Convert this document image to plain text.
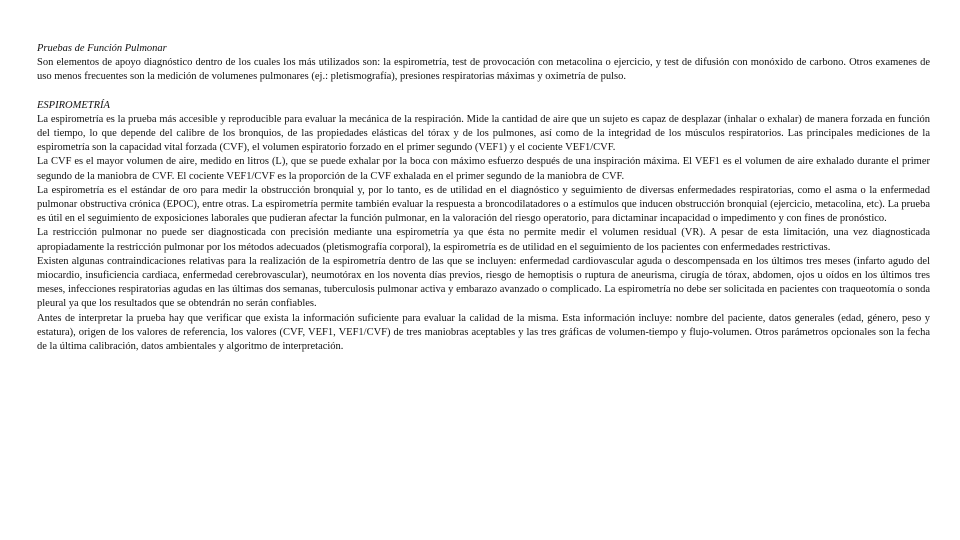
Pruebas de Función Pulmonar

Son elementos de apoyo diagnóstico dentro de los cuales los más utilizados son: la espirometría, test de provocación con metacolina o ejercicio, y test de difusión con monóxido de carbono. Otros examenes de uso menos frecuentes son la medición de volumenes pulmonares (ej.: pletismografía), presiones respiratorias máximas y oximetría de pulso.

ESPIROMETRÍA

La espirometría es la prueba más accesible y reproducible para evaluar la mecánica de la respiración. Mide la cantidad de aire que un sujeto es capaz de desplazar (inhalar o exhalar) de manera forzada en función del tiempo, lo que depende del calibre de los bronquios, de las propiedades elásticas del tórax y de los pulmones, así como de la integridad de los músculos respiratorios. Las principales mediciones de la espirometría son la capacidad vital forzada (CVF), el volumen espiratorio forzado en el primer segundo (VEF1) y el cociente VEF1/CVF.

La CVF es el mayor volumen de aire, medido en litros (L), que se puede exhalar por la boca con máximo esfuerzo después de una inspiración máxima. El VEF1 es el volumen de aire exhalado durante el primer segundo de la maniobra de CVF. El cociente VEF1/CVF es la proporción de la CVF exhalada en el primer segundo de la maniobra de CVF.

La espirometría es el estándar de oro para medir la obstrucción bronquial y, por lo tanto, es de utilidad en el diagnóstico y seguimiento de diversas enfermedades respiratorias, como el asma o la enfermedad pulmonar obstructiva crónica (EPOC), entre otras. La espirometría permite también evaluar la respuesta a broncodilatadores o a estímulos que inducen obstrucción bronquial (ejercicio, metacolina, etc). La prueba es útil en el seguimiento de exposiciones laborales que pudieran afectar la función pulmonar, en la valoración del riesgo operatorio, para dictaminar incapacidad o impedimento y con fines de pronóstico.

La restricción pulmonar no puede ser diagnosticada con precisión mediante una espirometría ya que ésta no permite medir el volumen residual (VR). A pesar de esta limitación, una vez diagnosticada apropiadamente la restricción pulmonar por los métodos adecuados (pletismografía corporal), la espirometría es de utilidad en el seguimiento de los pacientes con enfermedades restrictivas.

Existen algunas contraindicaciones relativas para la realización de la espirometría dentro de las que se incluyen: enfermedad cardiovascular aguda o descompensada en los últimos tres meses (infarto agudo del miocardio, insuficiencia cardiaca, enfermedad cerebrovascular), neumotórax en los noventa días previos, riesgo de hemoptisis o ruptura de aneurisma, cirugía de tórax, abdomen, ojos u oídos en los últimos tres meses, infecciones respiratorias agudas en las últimas dos semanas, tuberculosis pulmonar activa y embarazo avanzado o complicado. La espirometría no debe ser solicitada en pacientes con traqueotomía o sonda pleural ya que los resultados que se obtendrán no serán confiables.

Antes de interpretar la prueba hay que verificar que exista la información suficiente para evaluar la calidad de la misma. Esta información incluye: nombre del paciente, datos generales (edad, género, peso y estatura), origen de los valores de referencia, los valores (CVF, VEF1, VEF1/CVF) de tres maniobras aceptables y las tres gráficas de volumen-tiempo y flujo-volumen. Otros parámetros opcionales son la fecha de la última calibración, datos ambientales y algoritmo de interpretación.
